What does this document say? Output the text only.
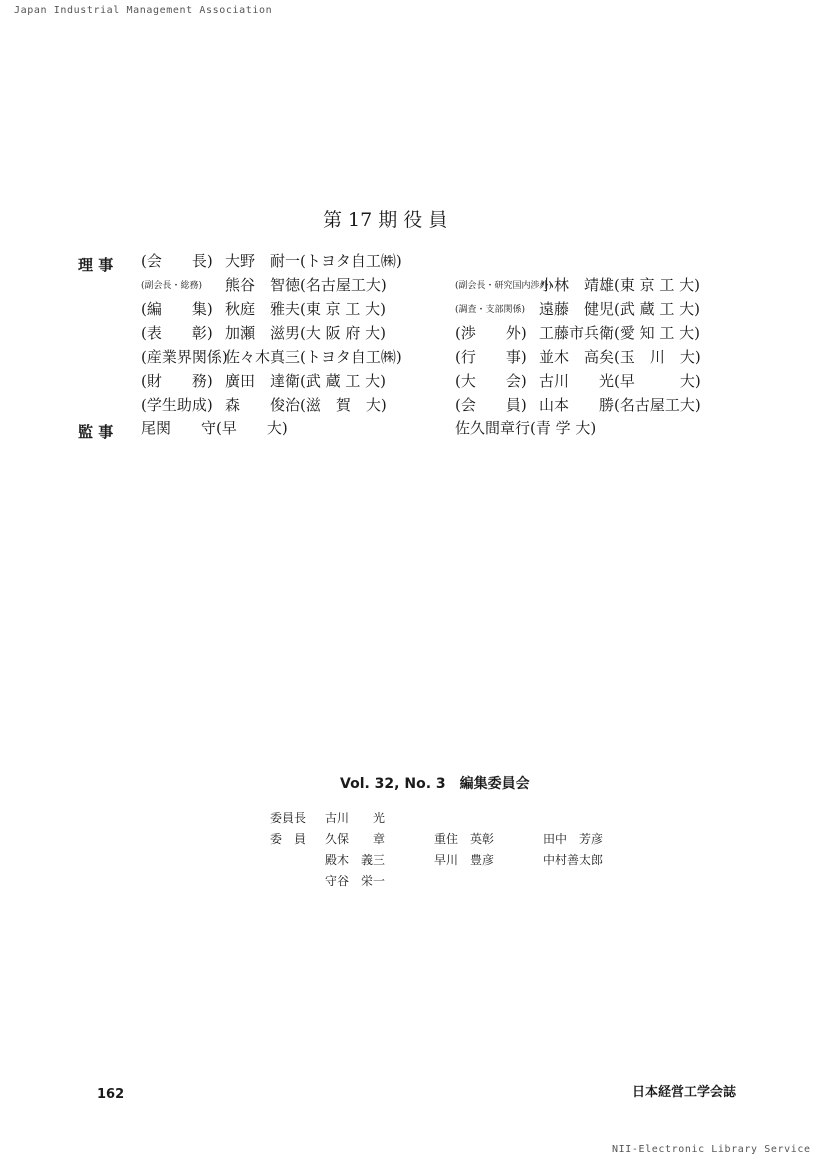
Japan Industrial Management Association
第 17 期 役 員
理 事
監 事
(会　　長) 大野　耐一(トヨタ自工㈱)
(副会長・総務) 熊谷　智徳(名古屋工大)
(編　　集) 秋庭　雅夫(東 京 工 大)
(表　　彰) 加瀬　滋男(大 阪 府 大)
(産業界関係)佐々木真三(トヨタ自工㈱)
(財　　務) 廣田　達衛(武 蔵 工 大)
(学生助成) 森　　俊治(滋　賀　大)
(副会長・研究国内渉外)小林　靖雄(東 京 工 大)
(調査・支部関係) 遠藤　健児(武 蔵 工 大)
(渉　　外) 工藤市兵衛(愛 知 工 大)
(行　　事) 並木　高矣(玉　川　大)
(大　　会) 古川　　光(早　　　大)
(会　　員) 山本　　勝(名古屋工大)
尾関　　守(早　　大)	佐久間章行(青 学 大)
Vol. 32, No. 3　編集委員会
委員長 古川　　光
委　員 久保　　章
殿木　義三
守谷　栄一
重住　英彰
早川　豊彦
田中　芳彦
中村善太郎
162	日本経営工学会誌
NII-Electronic Library Service
